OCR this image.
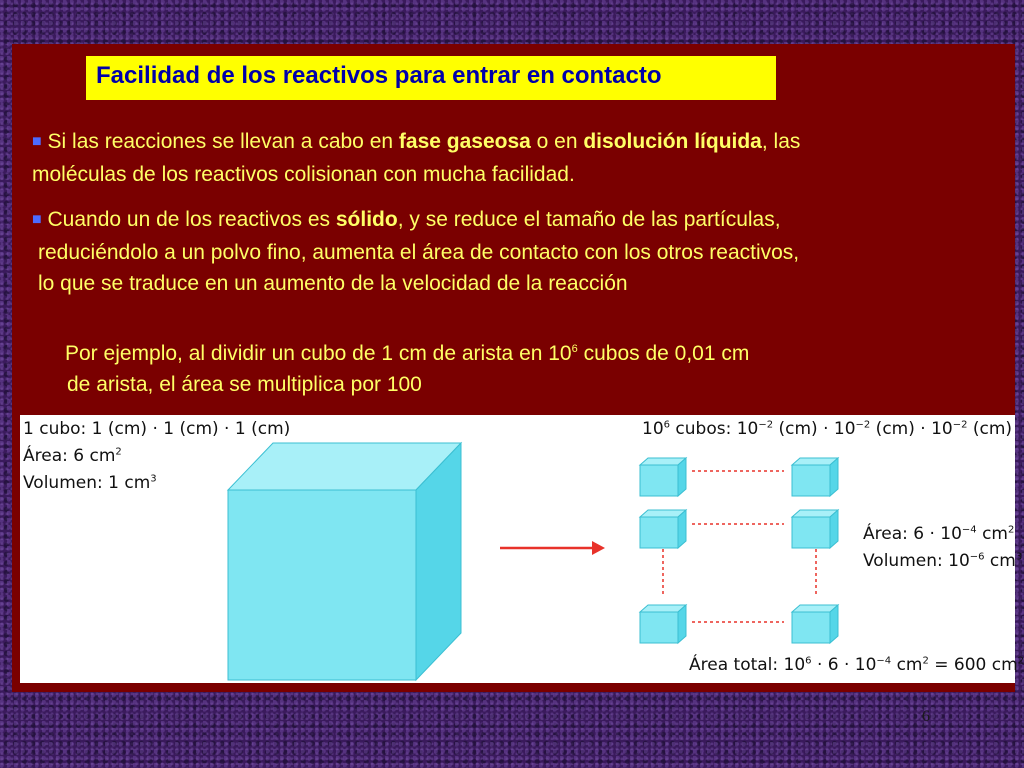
Facilidad de los reactivos para entrar en contacto
■ Si las reacciones se llevan a cabo en fase gaseosa o en disolución líquida, las
moléculas de los reactivos colisionan con mucha facilidad.
■ Cuando un de los reactivos es sólido, y se reduce el tamaño de las partículas,
reduciéndolo a un polvo fino, aumenta el área de contacto con los otros reactivos,
lo que se traduce en un aumento de la velocidad de la reacción
Por ejemplo, al dividir un cubo de 1 cm de arista en $10^6$ cubos de 0,01 cm
de arista, el área se multiplica por 100
1 cubo: 1 (cm) · 1 (cm) · 1 (cm)
Área: 6 $cm^2$
Volumen: 1 $cm^3$
$10^6$ cubos: $10^{-2}$ $(cm) \cdot 10^{-2}$ $(cm) \cdot 10^{-2}$ (cm)
Área: $6 \cdot 10^{-4}$ $cm^2$
Volumen: $10^{-6}$ $cm^3$
Área total: $10^6 \cdot 6 \cdot 10^{-4}$ $cm^2 = 600$ $cm^2$
6
